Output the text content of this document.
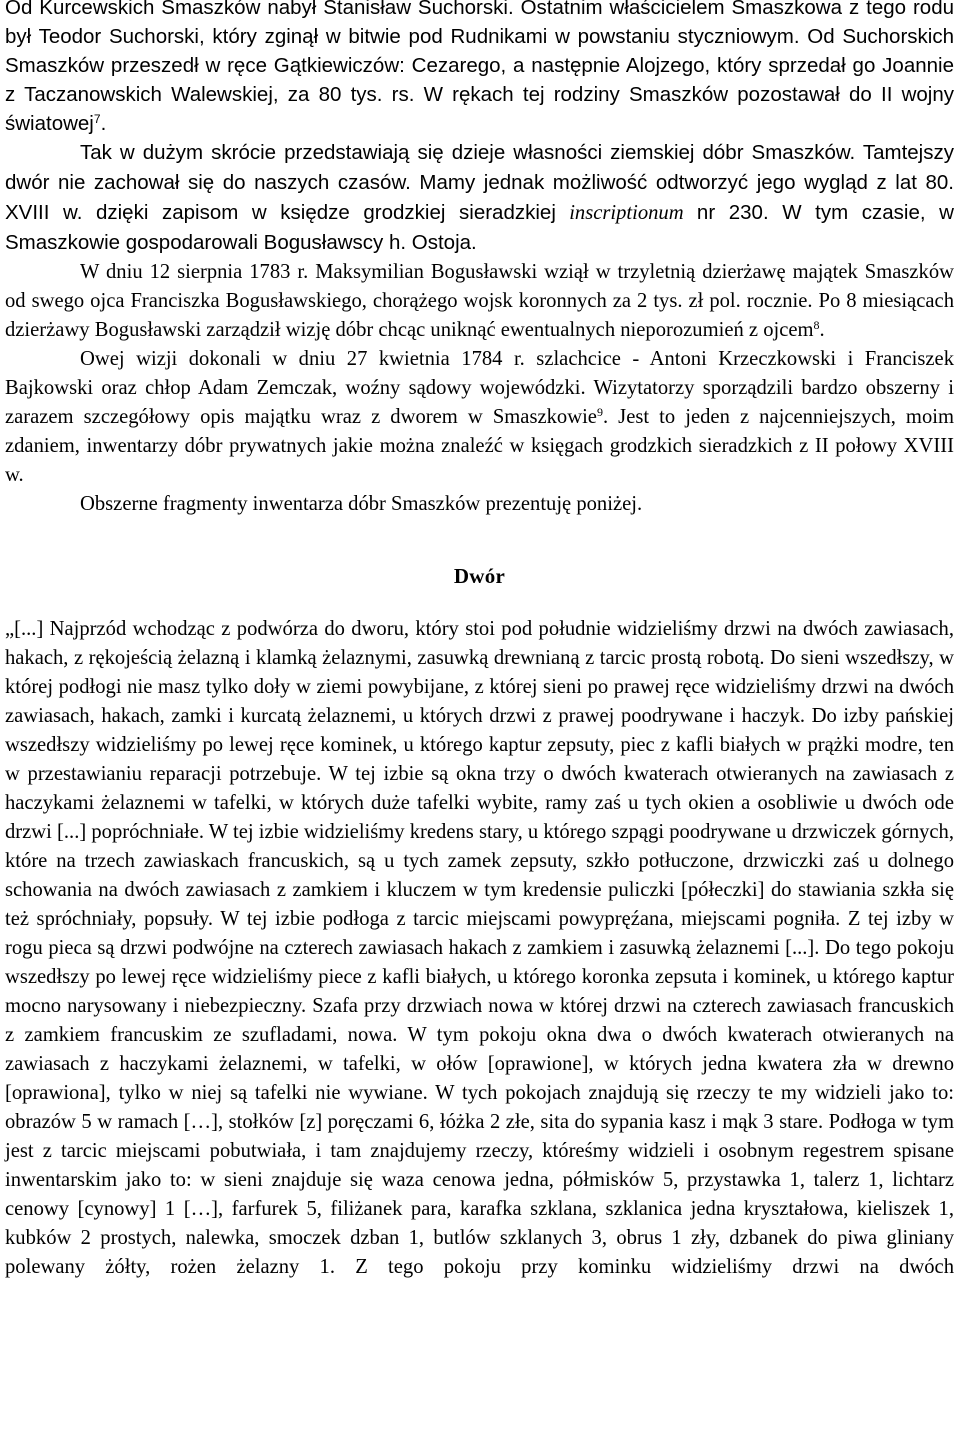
Od Kurcewskich Smaszków nabył Stanisław Suchorski. Ostatnim właścicielem Smaszkowa z tego rodu był Teodor Suchorski, który zginął w bitwie pod Rudnikami w powstaniu styczniowym. Od Suchorskich Smaszków przeszedł w ręce Gątkiewiczów: Cezarego, a następnie Alojzego, który sprzedał go Joannie z Taczanowskich Walewskiej, za 80 tys. rs. W rękach tej rodziny Smaszków pozostawał do II wojny światowej$^7$.

Tak w dużym skrócie przedstawiają się dzieje własności ziemskiej dóbr Smaszków. Tamtejszy dwór nie zachował się do naszych czasów. Mamy jednak możliwość odtworzyć jego wygląd z lat 80. XVIII w. dzięki zapisom w księdze grodzkiej sieradzkiej inscriptionum nr 230. W tym czasie, w Smaszkowie gospodarowali Bogusławscy h. Ostoja.

W dniu 12 sierpnia 1783 r. Maksymilian Bogusławski wziął w trzyletnią dzierżawę majątek Smaszków od swego ojca Franciszka Bogusławskiego, chorążego wojsk koronnych za 2 tys. zł pol. rocznie. Po 8 miesiącach dzierżawy Bogusławski zarządził wizję dóbr chcąc uniknąć ewentualnych nieporozumień z ojcem$^8$.

Owej wizji dokonali w dniu 27 kwietnia 1784 r. szlachcice - Antoni Krzeczkowski i Franciszek Bajkowski oraz chłop Adam Zemczak, woźny sądowy wojewódzki. Wizytatorzy sporządzili bardzo obszerny i zarazem szczegółowy opis majątku wraz z dworem w Smaszkowie$^9$. Jest to jeden z najcenniejszych, moim zdaniem, inwentarzy dóbr prywatnych jakie można znaleźć w księgach grodzkich sieradzkich z II połowy XVIII w.

Obszerne fragmenty inwentarza dóbr Smaszków prezentuję poniżej.

Dwór

„[...] Najprzód wchodząc z podwórza do dworu, który stoi pod południe widzieliśmy drzwi na dwóch zawiasach, hakach, z rękojeścią żelazną i klamką żelaznymi, zasuwką drewnianą z tarcic prostą robotą. Do sieni wszedłszy, w której podłogi nie masz tylko doły w ziemi powybijane, z której sieni po prawej ręce widzieliśmy drzwi na dwóch zawiasach, hakach, zamki i kurcatą żelaznemi, u których drzwi z prawej poodrywane i haczyk. Do izby pańskiej wszedłszy widzieliśmy po lewej ręce kominek, u którego kaptur zepsuty, piec z kafli białych w prążki modre, ten w przestawianiu reparacji potrzebuje. W tej izbie są okna trzy o dwóch kwaterach otwieranych na zawiasach z haczykami żelaznemi w tafelki, w których duże tafelki wybite, ramy zaś u tych okien a osobliwie u dwóch ode drzwi [...] popróchniałe. W tej izbie widzieliśmy kredens stary, u którego szpągi poodrywane u drzwiczek górnych, które na trzech zawiaskach francuskich, są u tych zamek zepsuty, szkło potłuczone, drzwiczki zaś u dolnego schowania na dwóch zawiasach z zamkiem i kluczem w tym kredensie puliczki [półeczki] do stawiania szkła się też spróchniały, popsuły. W tej izbie podłoga z tarcic miejscami powypręźana, miejscami pogniła. Z tej izby w rogu pieca są drzwi podwójne na czterech zawiasach hakach z zamkiem i zasuwką żelaznemi [...]. Do tego pokoju wszedłszy po lewej ręce widzieliśmy piece z kafli białych, u którego koronka zepsuta i kominek, u którego kaptur mocno narysowany i niebezpieczny. Szafa przy drzwiach nowa w której drzwi na czterech zawiasach francuskich z zamkiem francuskim ze szufladami, nowa. W tym pokoju okna dwa o dwóch kwaterach otwieranych na zawiasach z haczykami żelaznemi, w tafelki, w ołów [oprawione], w których jedna kwatera zła w drewno [oprawiona], tylko w niej są tafelki nie wywiane. W tych pokojach znajdują się rzeczy te my widzieli jako to: obrazów 5 w ramach […], stołków [z] poręczami 6, łóżka 2 złe, sita do sypania kasz i mąk 3 stare. Podłoga w tym jest z tarcic miejscami pobutwiała, i tam znajdujemy rzeczy, któreśmy widzieli i osobnym regestrem spisane inwentarskim jako to: w sieni znajduje się waza cenowa jedna, półmisków 5, przystawka 1, talerz 1, lichtarz cenowy [cynowy] 1 […], farfurek 5, filiżanek para, karafka szklana, szklanica jedna kryształowa, kieliszek 1, kubków 2 prostych, nalewka, smoczek dzban 1, butlów szklanych 3, obrus 1 zły, dzbanek do piwa gliniany polewany żółty, rożen żelazny 1. Z tego pokoju przy kominku widzieliśmy drzwi na dwóch
